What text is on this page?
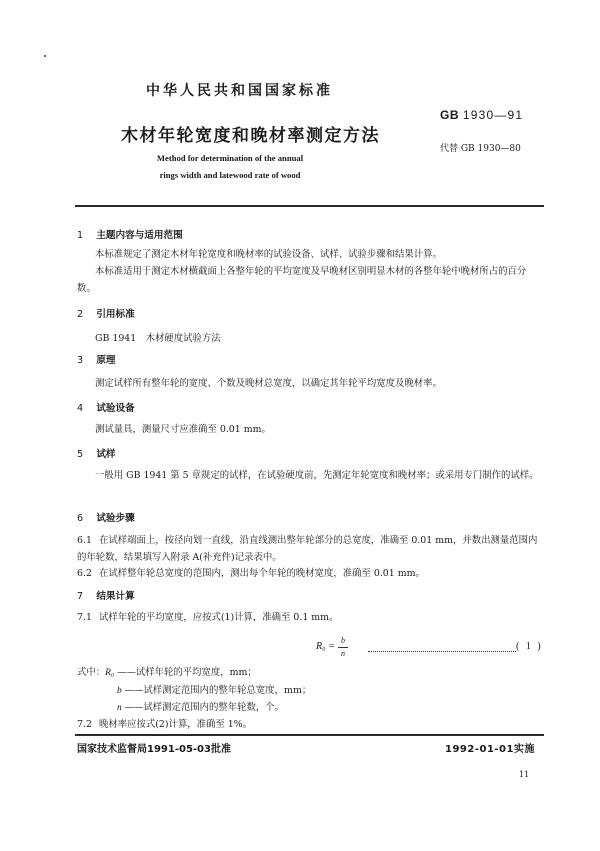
中华人民共和国国家标准
木材年轮宽度和晚材率测定方法
GB 1930—91
代替 GB 1930—80
Method for determination of the annual
rings width and latewood rate of wood
1 主题内容与适用范围
本标准规定了测定木材年轮宽度和晚材率的试验设备、试样、试验步骤和结果计算。
本标准适用于测定木材横截面上各整年轮的平均宽度及早晚材区别明显木材的各整年轮中晚材所占的百分数。
2 引用标准
GB 1941　木材硬度试验方法
3 原理
测定试样所有整年轮的宽度、个数及晚材总宽度，以确定其年轮平均宽度及晚材率。
4 试验设备
测试量具，测量尺寸应准确至 0.01 mm。
5 试样
一般用 GB 1941 第 5 章规定的试样，在试验硬度前，先测定年轮宽度和晚材率；或采用专门制作的试样。
6 试验步骤
6.1 在试样端面上，按径向划一直线，沿直线测出整年轮部分的总宽度，准确至 0.01 mm，并数出测量范围内的年轮数，结果填写入附录 A(补充件)记录表中。
6.2 在试样整年轮总宽度的范围内，测出每个年轮的晚材宽度，准确至 0.01 mm。
7 结果计算
7.1 试样年轮的平均宽度，应按式(1)计算，准确至 0.1 mm。
R₀ =
b
n
( 1 )
式中：R₀ ——试样年轮的平均宽度，mm；
b ——试样测定范围内的整年轮总宽度，mm；
n ——试样测定范围内的整年轮数，个。
7.2 晚材率应按式(2)计算，准确至 1%。
国家技术监督局1991-05-03批准	1992-01-01实施
11
